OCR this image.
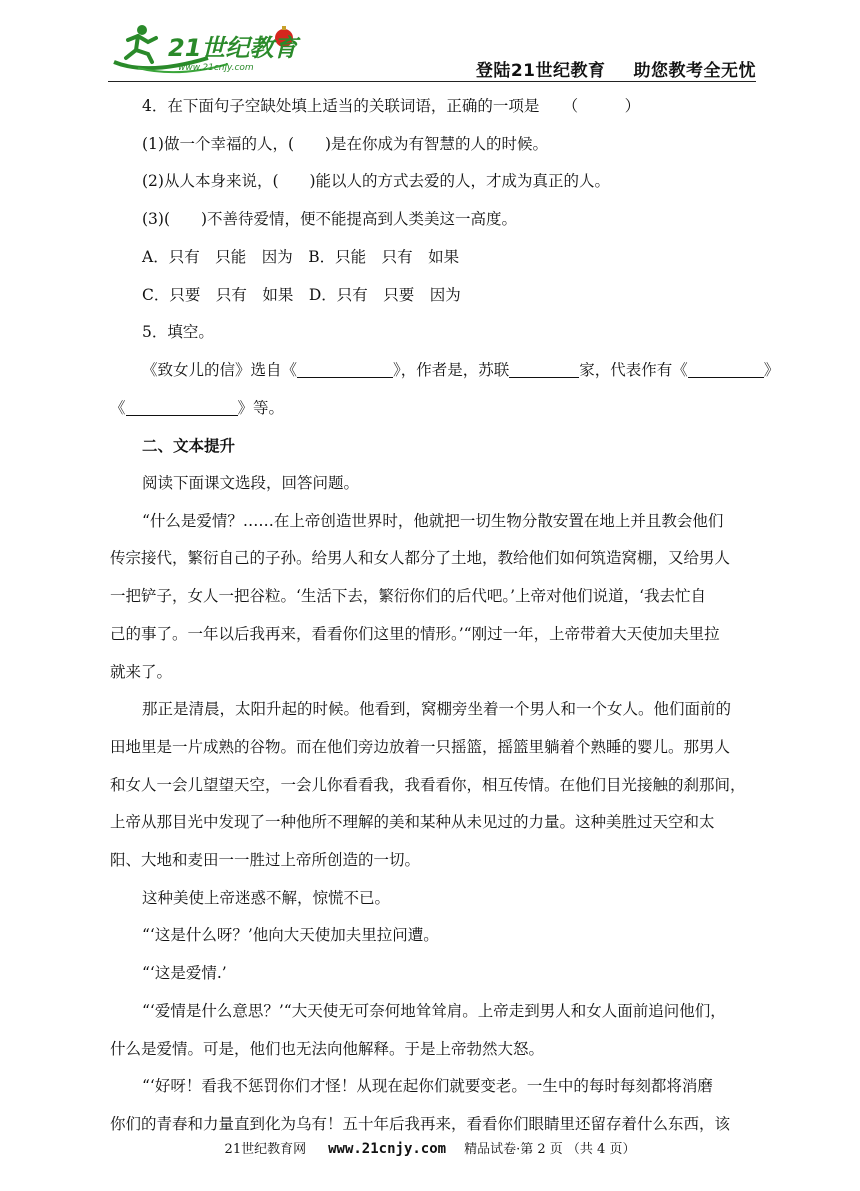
21世纪教育
www.21cnjy.com	登陆21世纪教育 助您教考全无忧

4．在下面句子空缺处填上适当的关联词语，正确的一项是　　（　　　）

(1)做一个幸福的人，(　　)是在你成为有智慧的人的时候。

(2)从人本身来说，(　　)能以人的方式去爱的人，才成为真正的人。

(3)(　　)不善待爱情，便不能提高到人类美这一高度。

A．只有　只能　因为　B．只能　只有　如果

C．只要　只有　如果　D．只有　只要　因为

5．填空。

《致女儿的信》选自《	》，作者是，苏联	家，代表作有《	》

《	》等。

二、文本提升

阅读下面课文选段，回答问题。

“什么是爱情？……在上帝创造世界时，他就把一切生物分散安置在地上并且教会他们

传宗接代，繁衍自己的子孙。给男人和女人都分了土地，教给他们如何筑造窝棚，又给男人

一把铲子，女人一把谷粒。‘生活下去，繁衍你们的后代吧。’上帝对他们说道，‘我去忙自

己的事了。一年以后我再来，看看你们这里的情形。’“刚过一年，上帝带着大天使加夫里拉

就来了。

那正是清晨，太阳升起的时候。他看到，窝棚旁坐着一个男人和一个女人。他们面前的

田地里是一片成熟的谷物。而在他们旁边放着一只摇篮，摇篮里躺着个熟睡的婴儿。那男人

和女人一会儿望望天空，一会儿你看看我，我看看你，相互传情。在他们目光接触的刹那间，

上帝从那目光中发现了一种他所不理解的美和某种从未见过的力量。这种美胜过天空和太

阳、大地和麦田一一胜过上帝所创造的一切。

这种美使上帝迷惑不解，惊慌不已。

“‘这是什么呀？’他向大天使加夫里拉问遭。

“‘这是爱情.’

“‘爱情是什么意思？’“大天使无可奈何地耸耸肩。上帝走到男人和女人面前追问他们，

什么是爱情。可是，他们也无法向他解释。于是上帝勃然大怒。

“‘好呀！看我不惩罚你们才怪！从现在起你们就要变老。一生中的每时每刻都将消磨

你们的青春和力量直到化为乌有！五十年后我再来，看看你们眼睛里还留存着什么东西，该

21世纪教育网 www.21cnjy.com 精品试卷·第 2 页 （共 4 页）
